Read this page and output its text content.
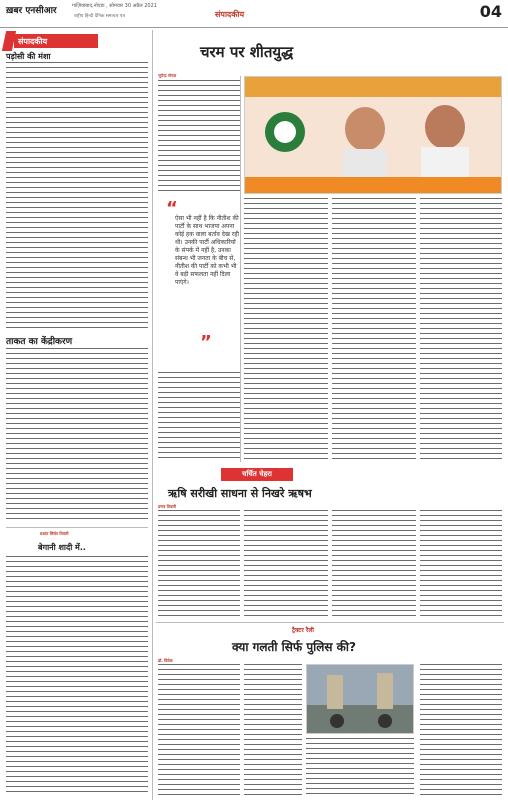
ख़बर एनसीआर	गाज़ियाबाद,नोएडा , सोमवार 30 अप्रैल 2021
राष्ट्रीय हिन्दी दैनिक समाचार पत्र	संपादकीय	04
संपादकीय
पड़ोसी की मंशा
ताकत का केंद्रीकरण
प्रशांत सिर्वत तिवारी
बेगानी शादी में..
चरम पर शीतयुद्ध
भूपेन्द्र गोयल
“
ऐसा भी नहीं है कि नीतीश की पार्टी के साथ भाजपा अपना कोई हक वाला बर्ताव देख रही थी। उनकी पार्टी अधिकारियों के संपर्क में नहीं है, उनका संबन्ध भी जनता के बीच से, नीतीश की पार्टी को कभी भी वे बड़ी सफलता नहीं दिला पाएंगे।
”
चर्चित चेहरा
ऋषि सरीखी साधना से निखरे ऋषभ
प्रणव तिवारी
ट्रैक्टर रैली
क्या गलती सिर्फ पुलिस की?
डॉ. विवेक
